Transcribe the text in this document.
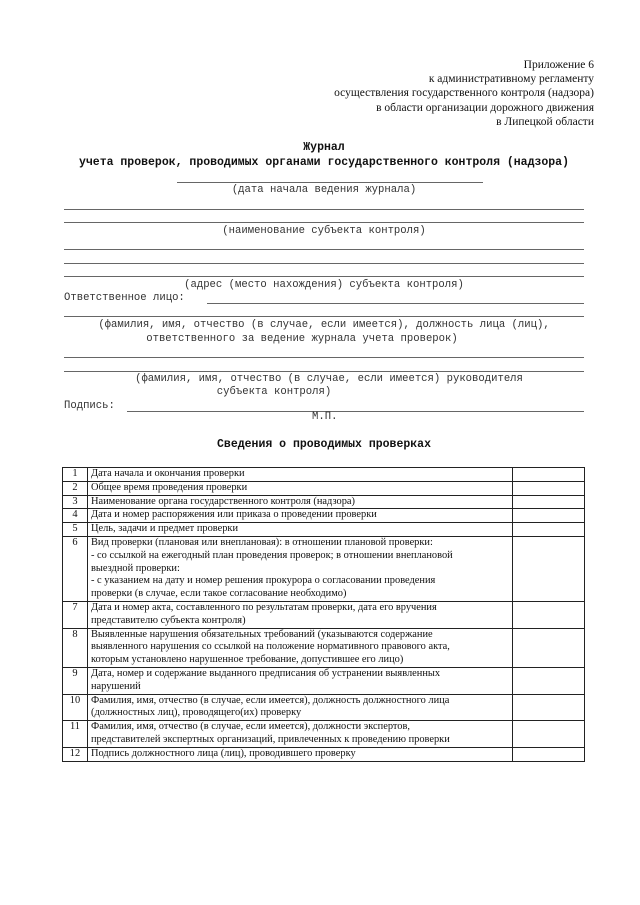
Приложение 6
к административному регламенту
осуществления государственного контроля (надзора)
в области организации дорожного движения
в Липецкой области
Журнал
учета проверок, проводимых органами государственного контроля (надзора)
(дата начала ведения журнала)
(наименование субъекта контроля)
(адрес (место нахождения) субъекта контроля)
Ответственное лицо:
(фамилия, имя, отчество (в случае, если имеется), должность лица (лиц),
ответственного за ведение журнала учета проверок)
(фамилия, имя, отчество (в случае, если имеется) руководителя
субъекта контроля)
Подпись:
М.П.
Сведения о проводимых проверках
1	Дата начала и окончания проверки	

2	Общее время проведения проверки	

3	Наименование органа государственного контроля (надзора)	

4	Дата и номер распоряжения или приказа о проведении проверки	

5	Цель, задачи и предмет проверки	

6	Вид проверки (плановая или внеплановая): в отношении плановой проверки:
- со ссылкой на ежегодный план проведения проверок; в отношении внеплановой
выездной проверки:
- с указанием на дату и номер решения прокурора о согласовании проведения
проверки (в случае, если такое согласование необходимо)	

7	Дата и номер акта, составленного по результатам проверки, дата его вручения
представителю субъекта контроля)	

8	Выявленные нарушения обязательных требований (указываются содержание
выявленного нарушения со ссылкой на положение нормативного правового акта,
которым установлено нарушенное требование, допустившее его лицо)	

9	Дата, номер и содержание выданного предписания об устранении выявленных
нарушений	

10	Фамилия, имя, отчество (в случае, если имеется), должность должностного лица
(должностных лиц), проводящего(их) проверку	

11	Фамилия, имя, отчество (в случае, если имеется), должности экспертов,
представителей экспертных организаций, привлеченных к проведению проверки	

12	Подпись должностного лица (лиц), проводившего проверку	
